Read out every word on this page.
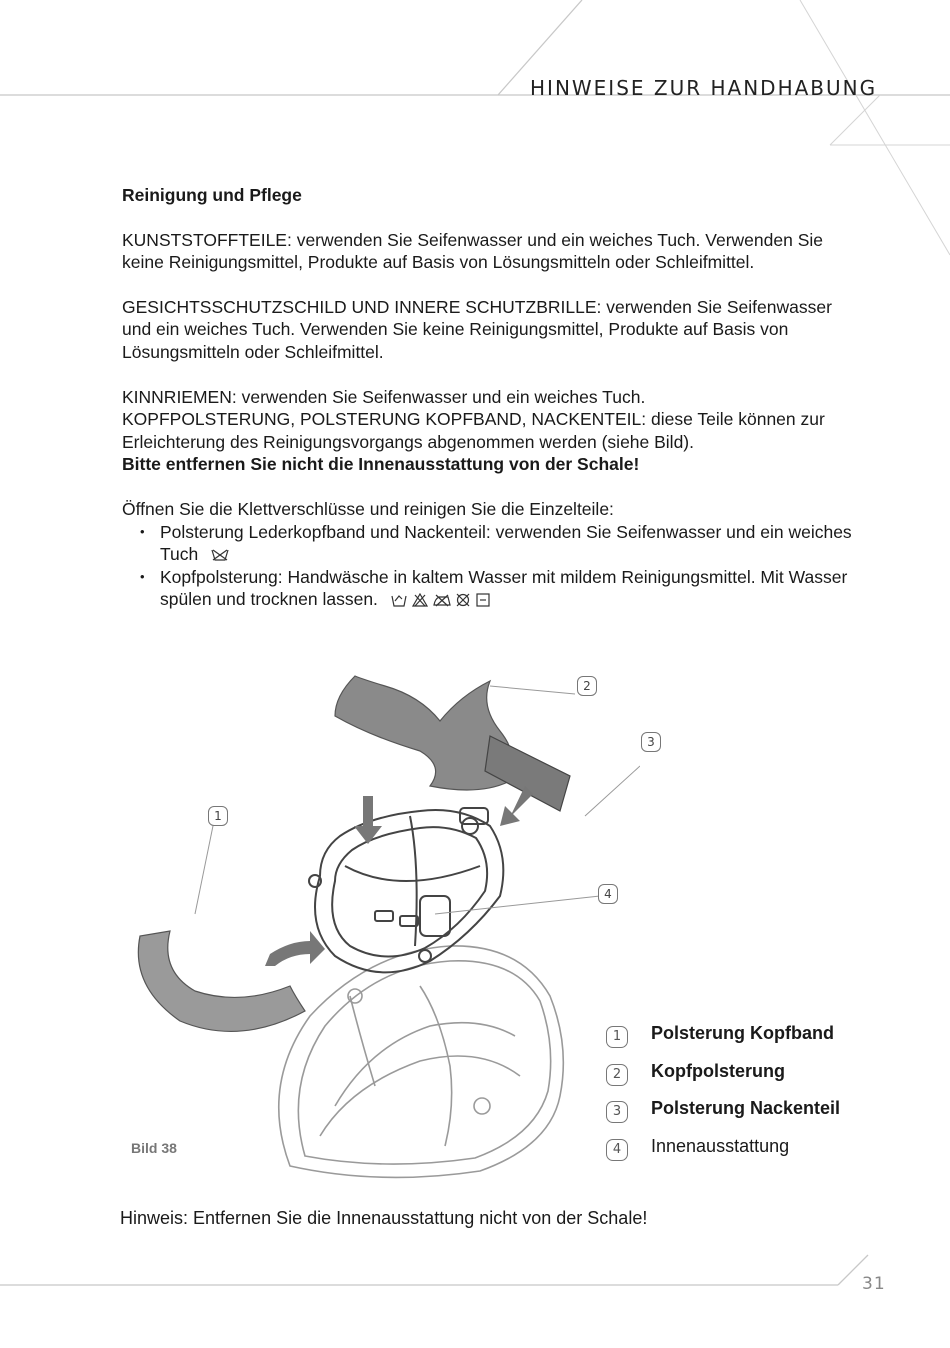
HINWEISE ZUR HANDHABUNG

Reinigung und Pflege

KUNSTSTOFFTEILE: verwenden Sie Seifenwasser und ein weiches Tuch. Verwenden Sie keine Reinigungsmittel, Produkte auf Basis von Lösungsmitteln oder Schleifmittel.

GESICHTSSCHUTZSCHILD UND INNERE SCHUTZBRILLE: verwenden Sie Seifenwasser und ein weiches Tuch. Verwenden Sie keine Reinigungsmittel, Produkte auf Basis von Lösungsmitteln oder Schleifmittel.

KINNRIEMEN: verwenden Sie Seifenwasser und ein weiches Tuch.
KOPFPOLSTERUNG, POLSTERUNG KOPFBAND, NACKENTEIL: diese Teile können zur Erleichterung des Reinigungsvorgangs abgenommen werden (siehe Bild).
Bitte entfernen Sie nicht die Innenausstattung von der Schale!

Öffnen Sie die Klettverschlüsse und reinigen Sie die Einzelteile:
• Polsterung Lederkopfband und Nackenteil: verwenden Sie Seifenwasser und ein weiches Tuch
• Kopfpolsterung: Handwäsche in kaltem Wasser mit mildem Reinigungsmittel. Mit Wasser spülen und trocknen lassen.
2
3
1
4
1	Polsterung Kopfband
2	Kopfpolsterung
3	Polsterung Nackenteil
4	Innenausstattung
Bild 38
Hinweis: Entfernen Sie die Innenausstattung nicht von der Schale!
31
